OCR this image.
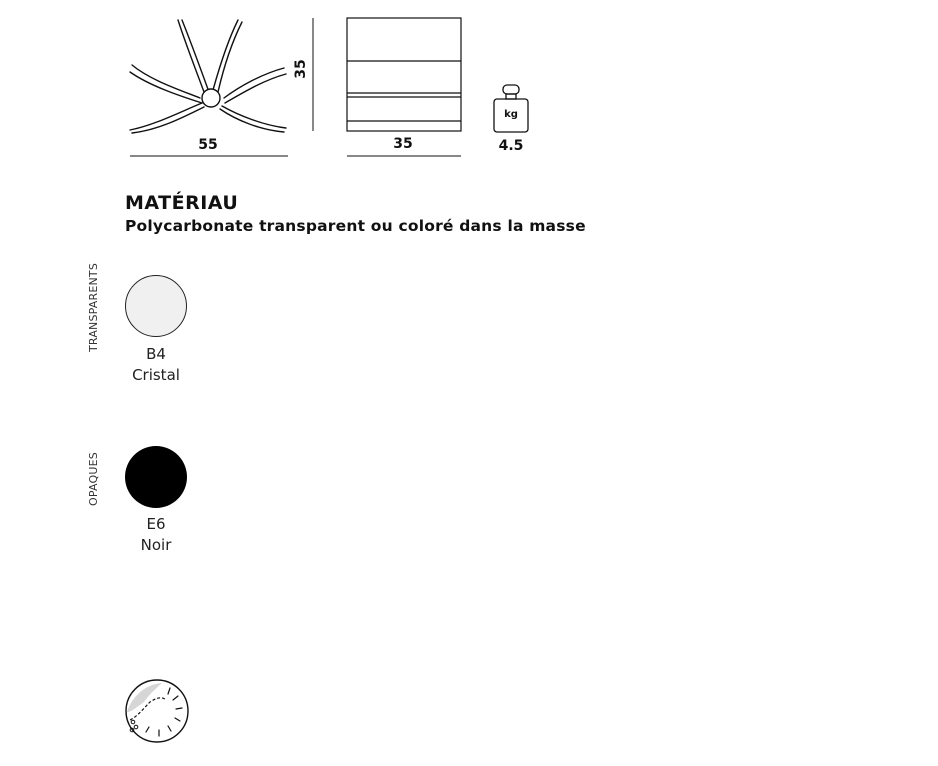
kg
55
35
35	4.5
MATÉRIAU
Polycarbonate transparent ou coloré dans la masse
TRANSPARENTS
B4
Cristal
OPAQUES
E6
Noir
